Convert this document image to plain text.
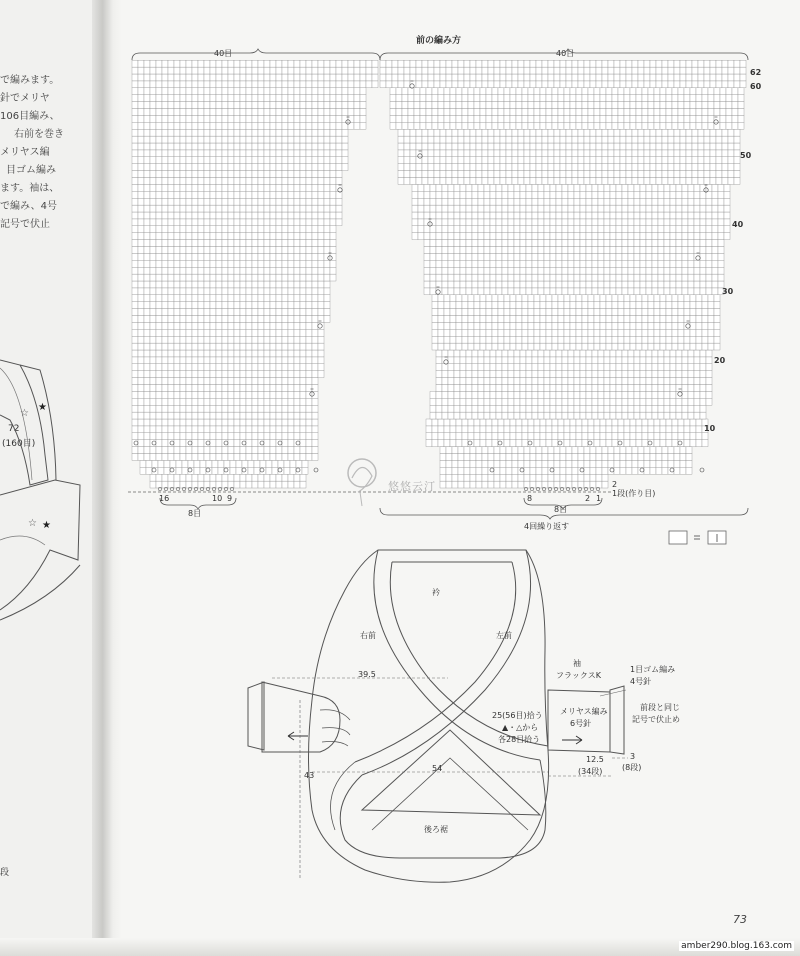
で編みます。
針でメリヤ
106目編み、
右前を巻き
メリヤス編
目ゴム編み
ます。袖は、
で編み、4号
記号で伏止
72
(160目)
段
★
☆
★
☆
前の編み方
40目	40目
62
60
50
40
30
20
10
2
1段(作り目)
16	10 9
8目
8	2 1
8目
4回繰り返す
悠悠云汀
衿
右前	左前
後ろ裾
39.5
54
43
袖
フラックスK
1目ゴム編み
4号針
メリヤス編み
6号針
25(56目)拾う
▲・△から
各28目拾う
前段と同じ
記号で伏止め
12.5
(34段)
3
(8段)
73
amber290.blog.163.com
